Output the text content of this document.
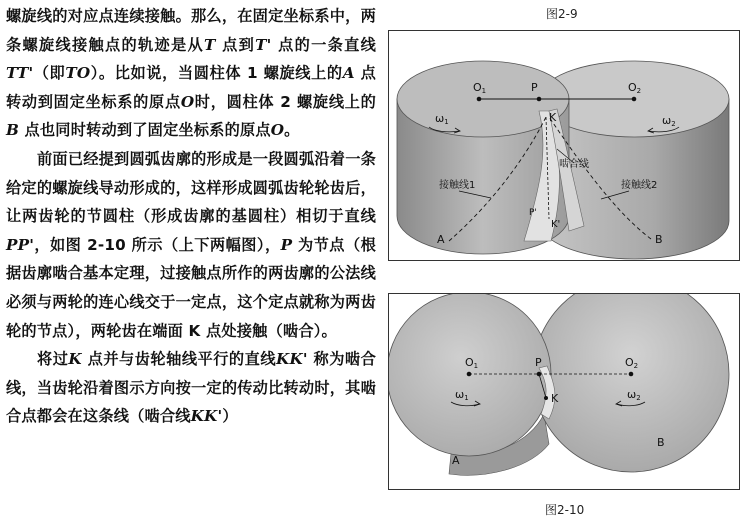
螺旋线的对应点连续接触。那么，在固定坐标系中，两条螺旋线接触点的轨迹是从T 点到T' 点的一条直线TT'（即TO）。比如说，当圆柱体 1 螺旋线上的A 点转动到固定坐标系的原点O时，圆柱体 2 螺旋线上的B 点也同时转动到了固定坐标系的原点O。

前面已经提到圆弧齿廓的形成是一段圆弧沿着一条给定的螺旋线导动形成的，这样形成圆弧齿轮轮齿后，让两齿轮的节圆柱（形成齿廓的基圆柱）相切于直线PP'，如图 2-10 所示（上下两幅图），P 为节点（根据齿廓啮合基本定理，过接触点所作的两齿廓的公法线必须与两轮的连心线交于一定点，这个定点就称为两齿轮的节点），两轮齿在端面 K 点处接触（啮合）。

将过K 点并与齿轮轴线平行的直线KK' 称为啮合线，当齿轮沿着图示方向按一定的传动比转动时，其啮合点都会在这条线（啮合线KK'）

图2-9
O1	P	O2
K
K'
P'
A	B
ω1	ω2
啮合线
接触线1	接触线2
O1	P	O2
K
A
B
ω1	ω2
图2-10
